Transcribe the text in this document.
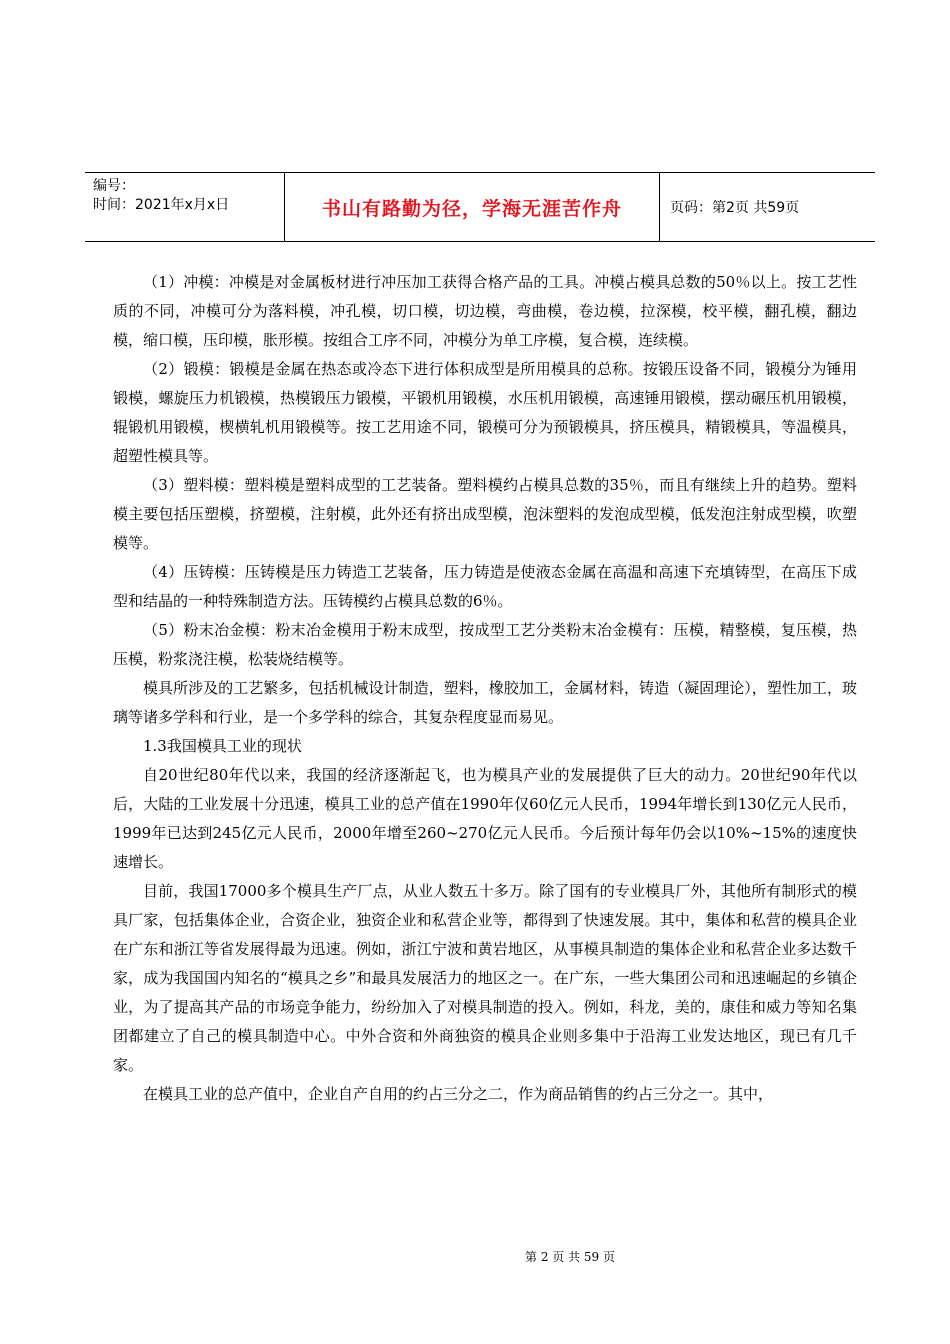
编号：
时间：2021年x月x日	书山有路勤为径，学海无涯苦作舟	页码：第2页 共59页

（1）冲模：冲模是对金属板材进行冲压加工获得合格产品的工具。冲模占模具总数的50％以上。按工艺性质的不同，冲模可分为落料模，冲孔模，切口模，切边模，弯曲模，卷边模，拉深模，校平模，翻孔模，翻边模，缩口模，压印模，胀形模。按组合工序不同，冲模分为单工序模，复合模，连续模。

（2）锻模：锻模是金属在热态或冷态下进行体积成型是所用模具的总称。按锻压设备不同，锻模分为锤用锻模，螺旋压力机锻模，热模锻压力锻模，平锻机用锻模，水压机用锻模，高速锤用锻模，摆动碾压机用锻模，辊锻机用锻模，楔横轧机用锻模等。按工艺用途不同，锻模可分为预锻模具，挤压模具，精锻模具，等温模具，超塑性模具等。

（3）塑料模：塑料模是塑料成型的工艺装备。塑料模约占模具总数的35％，而且有继续上升的趋势。塑料模主要包括压塑模，挤塑模，注射模，此外还有挤出成型模，泡沫塑料的发泡成型模，低发泡注射成型模，吹塑模等。

（4）压铸模：压铸模是压力铸造工艺装备，压力铸造是使液态金属在高温和高速下充填铸型，在高压下成型和结晶的一种特殊制造方法。压铸模约占模具总数的6％。

（5）粉末冶金模：粉末冶金模用于粉末成型，按成型工艺分类粉末冶金模有：压模，精整模，复压模，热压模，粉浆浇注模，松装烧结模等。

模具所涉及的工艺繁多，包括机械设计制造，塑料，橡胶加工，金属材料，铸造（凝固理论），塑性加工，玻璃等诸多学科和行业，是一个多学科的综合，其复杂程度显而易见。

1.3我国模具工业的现状

自20世纪80年代以来，我国的经济逐渐起飞，也为模具产业的发展提供了巨大的动力。20世纪90年代以后，大陆的工业发展十分迅速，模具工业的总产值在1990年仅60亿元人民币，1994年增长到130亿元人民币，1999年已达到245亿元人民币，2000年增至260~270亿元人民币。今后预计每年仍会以10%~15%的速度快速增长。

目前，我国17000多个模具生产厂点，从业人数五十多万。除了国有的专业模具厂外，其他所有制形式的模具厂家，包括集体企业，合资企业，独资企业和私营企业等，都得到了快速发展。其中，集体和私营的模具企业在广东和浙江等省发展得最为迅速。例如，浙江宁波和黄岩地区，从事模具制造的集体企业和私营企业多达数千家，成为我国国内知名的“模具之乡”和最具发展活力的地区之一。在广东，一些大集团公司和迅速崛起的乡镇企业，为了提高其产品的市场竞争能力，纷纷加入了对模具制造的投入。例如，科龙，美的，康佳和威力等知名集团都建立了自己的模具制造中心。中外合资和外商独资的模具企业则多集中于沿海工业发达地区，现已有几千家。

在模具工业的总产值中，企业自产自用的约占三分之二，作为商品销售的约占三分之一。其中，

第 2 页 共 59 页
